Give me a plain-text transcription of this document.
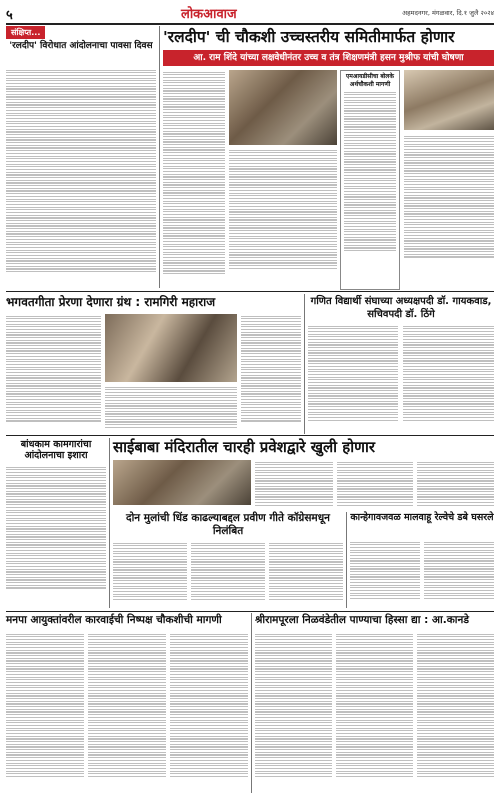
५	लोकआवाज	अहमदनगर, मंगळवार, दि.१ जुलै २०२४
संक्षिप्त...
'रलदीप' विरोधात आंदोलनाचा पावसा दिवस 'रलदीप' ची चौकशी उच्चस्तरीय समितीमार्फत होणार
आ. राम शिंदे यांच्या लक्षवेधीनंतर उच्च व तंत्र शिक्षणमंत्री हसन मुश्रीफ यांची घोषणा
एमआयडीसीचा बोलके अर्थचौकशी मागणी
भगवतगीता प्रेरणा देणारा ग्रंथ : रामगिरी महाराज	गणित विद्यार्थी संघाच्या अध्यक्षपदी डॉ. गायकवाड, सचिवपदी डॉ. ठिंगे
बांधकाम कामगारांचा आंदोलनाचा इशारा	साईबाबा मंदिरातील चारही प्रवेशद्वारे खुली होणार
दोन मुलांची धिंड काढल्याबद्दल प्रवीण गीते कॉग्रेसमधून निलंबित
कान्हेगावजवळ मालवाहू रेल्वेचे डबे घसरले
मनपा आयुक्तांवरील कारवाईची निष्पक्ष चौकशीची मागणी	श्रीरामपूरला निळवंडेतील पाण्याचा हिस्सा द्या : आ.कानडे
